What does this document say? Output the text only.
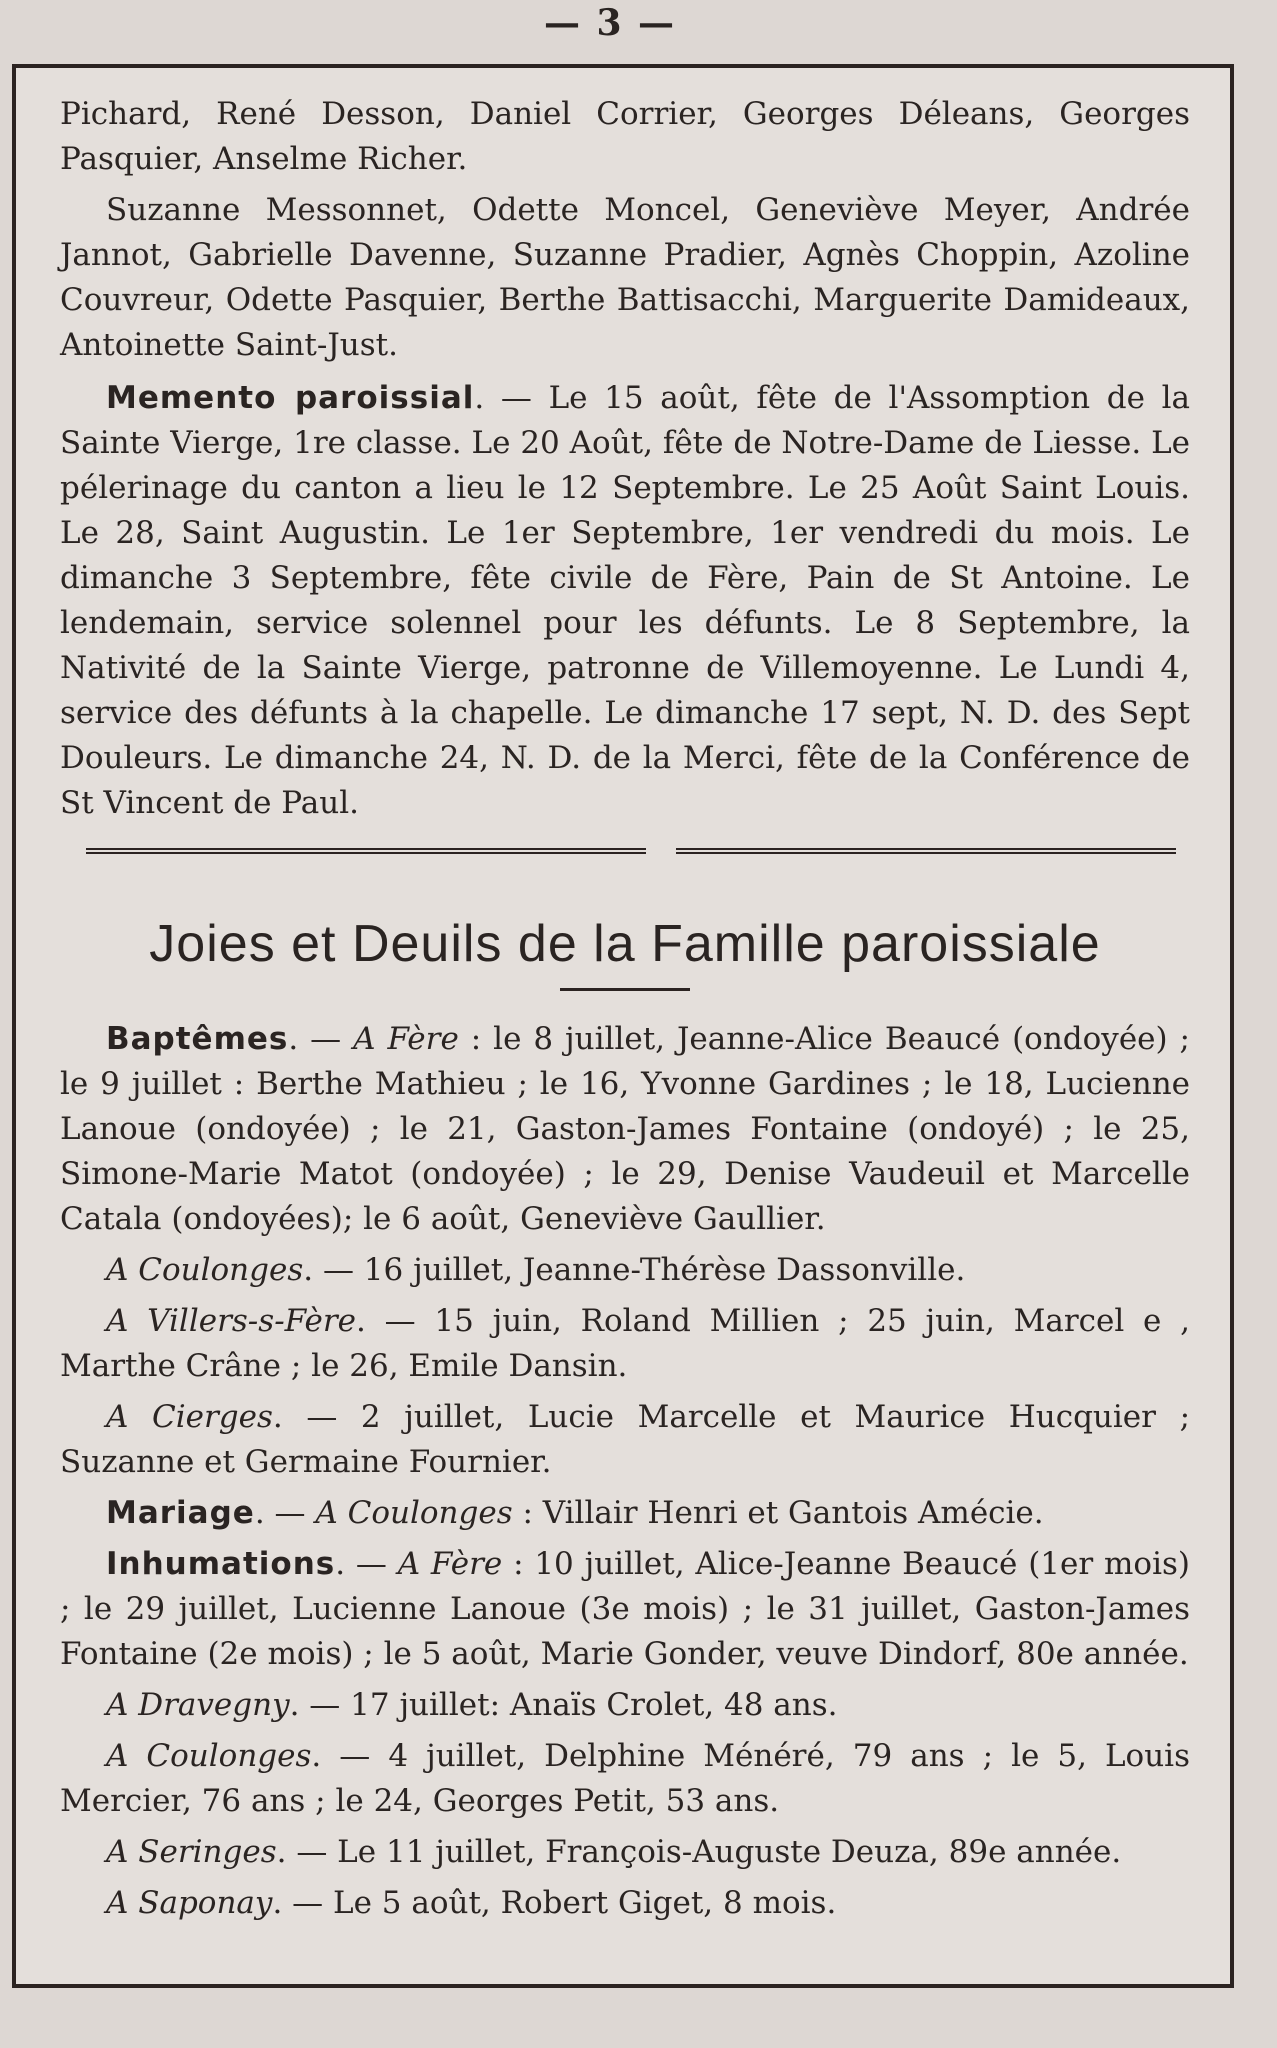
— 3 —

Pichard, René Desson, Daniel Corrier, Georges Déleans, Georges Pasquier, Anselme Richer.

Suzanne Messonnet, Odette Moncel, Geneviève Meyer, Andrée Jannot, Gabrielle Davenne, Suzanne Pradier, Agnès Choppin, Azoline Couvreur, Odette Pasquier, Berthe Battisacchi, Marguerite Damideaux, Antoinette Saint-Just.

Memento paroissial. — Le 15 août, fête de l'Assomption de la Sainte Vierge, 1re classe. Le 20 Août, fête de Notre-Dame de Liesse. Le pélerinage du canton a lieu le 12 Septembre. Le 25 Août Saint Louis. Le 28, Saint Augustin. Le 1er Septembre, 1er vendredi du mois. Le dimanche 3 Septembre, fête civile de Fère, Pain de St Antoine. Le lendemain, service solennel pour les défunts. Le 8 Septembre, la Nativité de la Sainte Vierge, patronne de Villemoyenne. Le Lundi 4, service des défunts à la chapelle. Le dimanche 17 sept, N. D. des Sept Douleurs. Le dimanche 24, N. D. de la Merci, fête de la Conférence de St Vincent de Paul.

Joies et Deuils de la Famille paroissiale

Baptêmes. — A Fère : le 8 juillet, Jeanne-Alice Beaucé (ondoyée) ; le 9 juillet : Berthe Mathieu ; le 16, Yvonne Gardines ; le 18, Lucienne Lanoue (ondoyée) ; le 21, Gaston-James Fontaine (ondoyé) ; le 25, Simone-Marie Matot (ondoyée) ; le 29, Denise Vaudeuil et Marcelle Catala (ondoyées); le 6 août, Geneviève Gaullier.

A Coulonges. — 16 juillet, Jeanne-Thérèse Dassonville.

A Villers-s-Fère. — 15 juin, Roland Millien ; 25 juin, Marcel e , Marthe Crâne ; le 26, Emile Dansin.

A Cierges. — 2 juillet, Lucie Marcelle et Maurice Hucquier ; Suzanne et Germaine Fournier.

Mariage. — A Coulonges : Villair Henri et Gantois Amécie.

Inhumations. — A Fère : 10 juillet, Alice-Jeanne Beaucé (1er mois) ; le 29 juillet, Lucienne Lanoue (3e mois) ; le 31 juillet, Gaston-James Fontaine (2e mois) ; le 5 août, Marie Gonder, veuve Dindorf, 80e année.

A Dravegny. — 17 juillet: Anaïs Crolet, 48 ans.

A Coulonges. — 4 juillet, Delphine Ménéré, 79 ans ; le 5, Louis Mercier, 76 ans ; le 24, Georges Petit, 53 ans.

A Seringes. — Le 11 juillet, François-Auguste Deuza, 89e année.

A Saponay. — Le 5 août, Robert Giget, 8 mois.
